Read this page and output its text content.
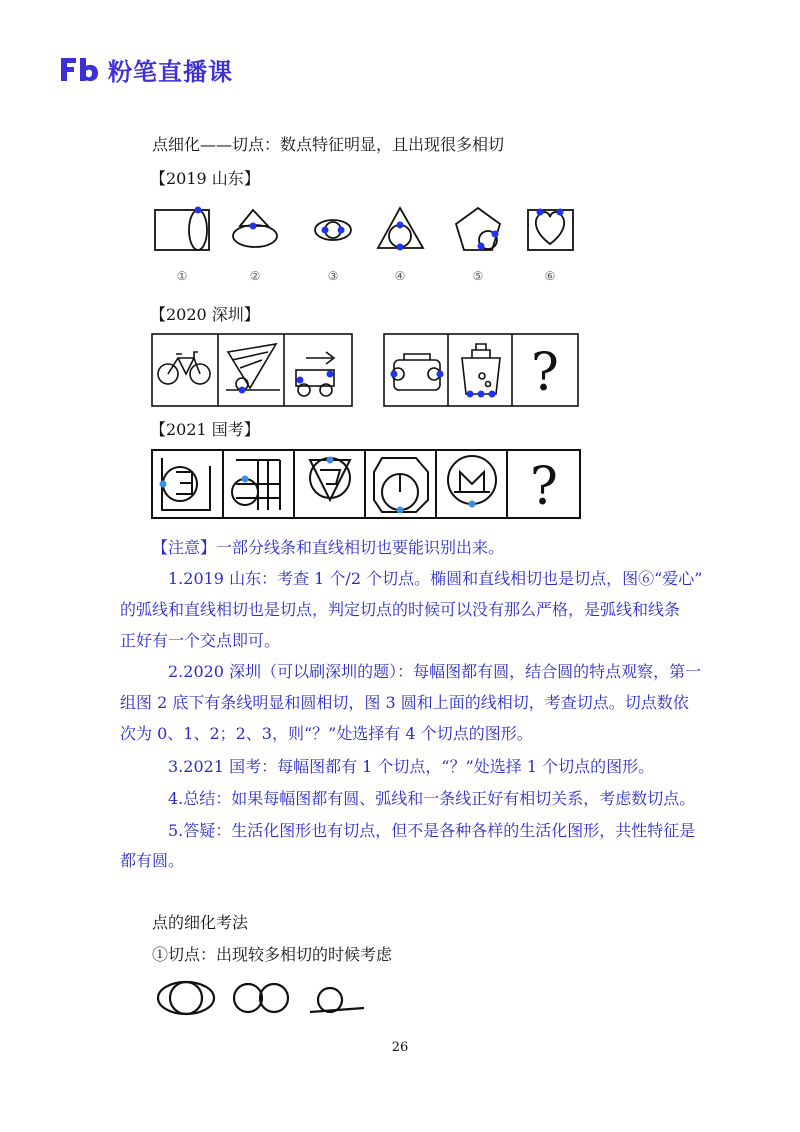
粉笔直播课
点细化——切点：数点特征明显，且出现很多相切
【2019 山东】
①	②	③	④	⑤	⑥
【2020 深圳】
?
【2021 国考】
?
【注意】一部分线条和直线相切也要能识别出来。
1.2019 山东：考查 1 个/2 个切点。椭圆和直线相切也是切点，图⑥“爱心”
的弧线和直线相切也是切点，判定切点的时候可以没有那么严格，是弧线和线条
正好有一个交点即可。
2.2020 深圳（可以刷深圳的题）：每幅图都有圆，结合圆的特点观察，第一
组图 2 底下有条线明显和圆相切，图 3 圆和上面的线相切，考查切点。切点数依
次为 0、1、2；2、3，则“？”处选择有 4 个切点的图形。
3.2021 国考：每幅图都有 1 个切点，“？”处选择 1 个切点的图形。
4.总结：如果每幅图都有圆、弧线和一条线正好有相切关系，考虑数切点。
5.答疑：生活化图形也有切点，但不是各种各样的生活化图形，共性特征是
都有圆。
点的细化考法
①切点：出现较多相切的时候考虑
26
